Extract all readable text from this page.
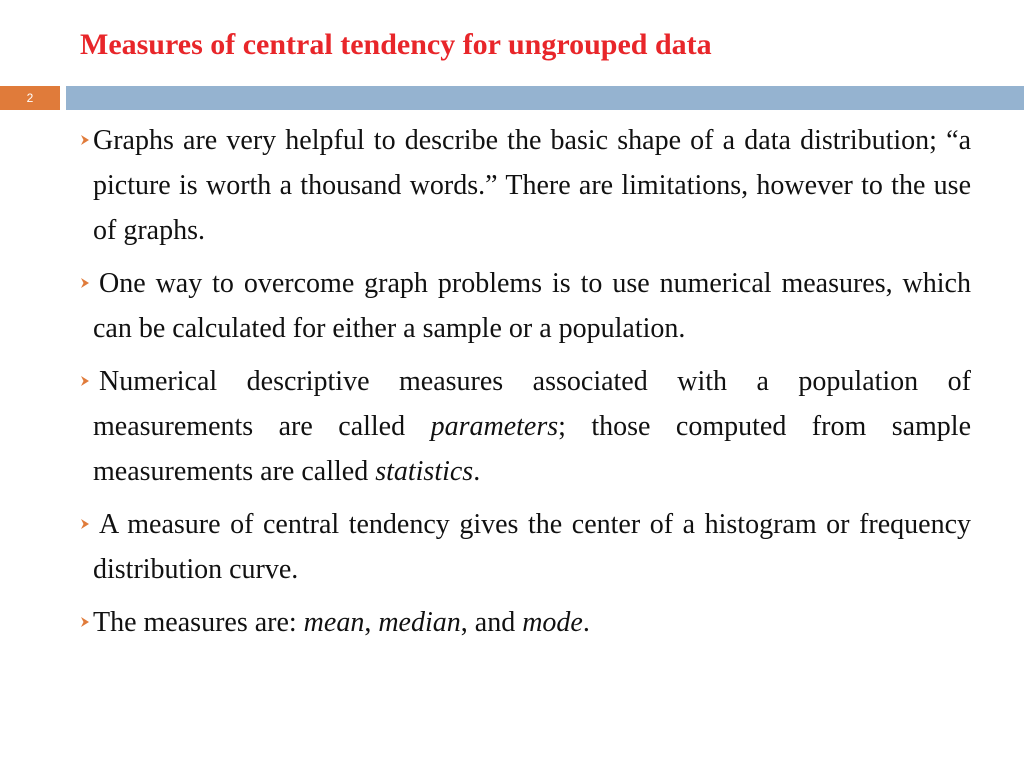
Measures of central tendency for ungrouped data
2

Graphs are very helpful to describe the basic shape of a data distribution; “a picture is worth a thousand words.” There are limitations, however to the use of graphs.

One way to overcome graph problems is to use numerical measures, which can be calculated for either a sample or a population.

Numerical descriptive measures associated with a population of measurements are called parameters; those computed from sample measurements are called statistics.

A measure of central tendency gives the center of a histogram or frequency distribution curve.

The measures are: mean, median, and mode.
